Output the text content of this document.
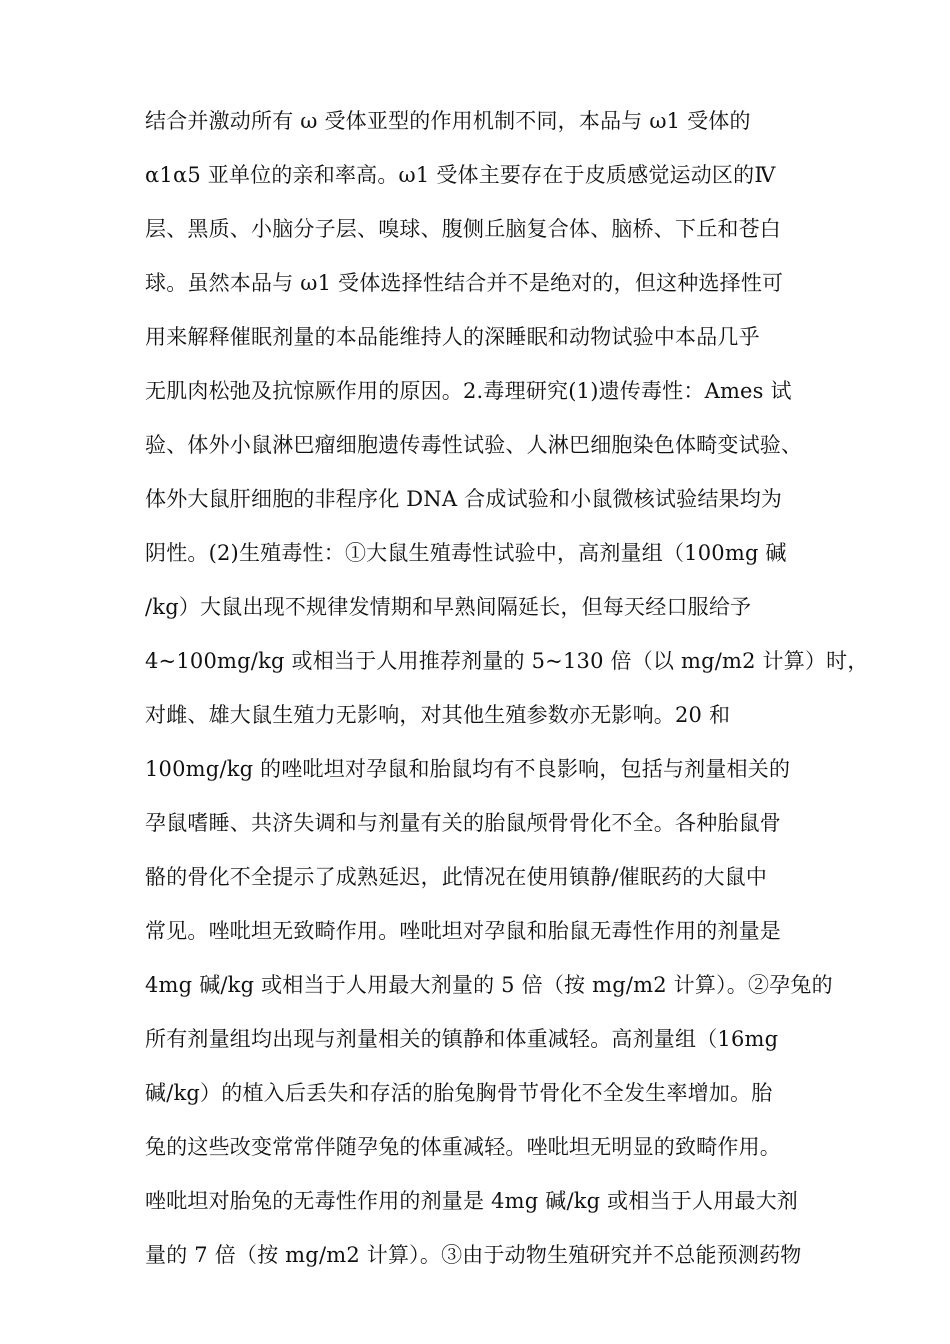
结合并激动所有 ω 受体亚型的作用机制不同，本品与 ω1 受体的
α1α5 亚单位的亲和率高。ω1 受体主要存在于皮质感觉运动区的Ⅳ
层、黑质、小脑分子层、嗅球、腹侧丘脑复合体、脑桥、下丘和苍白
球。虽然本品与 ω1 受体选择性结合并不是绝对的，但这种选择性可
用来解释催眠剂量的本品能维持人的深睡眠和动物试验中本品几乎
无肌肉松弛及抗惊厥作用的原因。2.毒理研究(1)遗传毒性：Ames 试
验、体外小鼠淋巴瘤细胞遗传毒性试验、人淋巴细胞染色体畸变试验、
体外大鼠肝细胞的非程序化 DNA 合成试验和小鼠微核试验结果均为
阴性。(2)生殖毒性：①大鼠生殖毒性试验中，高剂量组（100mg 碱
/kg）大鼠出现不规律发情期和早熟间隔延长，但每天经口服给予
4~100mg/kg 或相当于人用推荐剂量的 5~130 倍（以 mg/m2 计算）时，
对雌、雄大鼠生殖力无影响，对其他生殖参数亦无影响。20 和
100mg/kg 的唑吡坦对孕鼠和胎鼠均有不良影响，包括与剂量相关的
孕鼠嗜睡、共济失调和与剂量有关的胎鼠颅骨骨化不全。各种胎鼠骨
骼的骨化不全提示了成熟延迟，此情况在使用镇静/催眠药的大鼠中
常见。唑吡坦无致畸作用。唑吡坦对孕鼠和胎鼠无毒性作用的剂量是
4mg 碱/kg 或相当于人用最大剂量的 5 倍（按 mg/m2 计算）。②孕兔的
所有剂量组均出现与剂量相关的镇静和体重减轻。高剂量组（16mg
碱/kg）的植入后丢失和存活的胎兔胸骨节骨化不全发生率增加。胎
兔的这些改变常常伴随孕兔的体重减轻。唑吡坦无明显的致畸作用。
唑吡坦对胎兔的无毒性作用的剂量是 4mg 碱/kg 或相当于人用最大剂
量的 7 倍（按 mg/m2 计算）。③由于动物生殖研究并不总能预测药物
